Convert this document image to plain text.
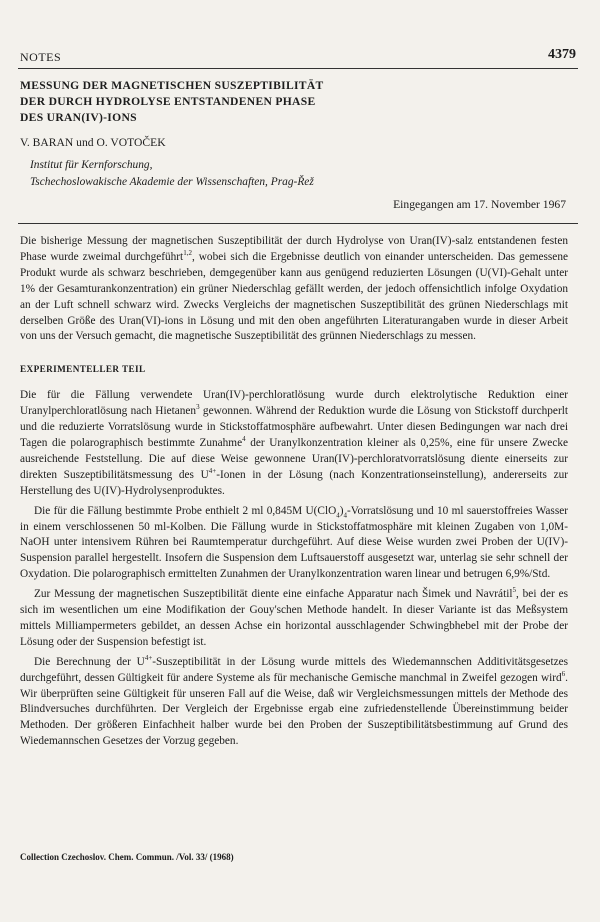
NOTES	4379
MESSUNG DER MAGNETISCHEN SUSZEPTIBILITÄT
DER DURCH HYDROLYSE ENTSTANDENEN PHASE
DES URAN(IV)-IONS
V. BARAN und O. VOTOČEK
Institut für Kernforschung,
Tschechoslowakische Akademie der Wissenschaften, Prag-Řež
Eingegangen am 17. November 1967

Die bisherige Messung der magnetischen Suszeptibilität der durch Hydrolyse von Uran(IV)-salz entstandenen festen Phase wurde zweimal durchgeführt$^{1,2}$, wobei sich die Ergebnisse deutlich von einander unterscheiden. Das gemessene Produkt wurde als schwarz beschrieben, demgegenüber kann aus genügend reduzierten Lösungen (U(VI)-Gehalt unter 1% der Gesamturankonzentration) ein grüner Niederschlag gefällt werden, der jedoch offensichtlich infolge Oxydation an der Luft schnell schwarz wird. Zwecks Vergleichs der magnetischen Suszeptibilität des grünen Niederschlags mit derselben Größe des Uran(VI)-ions in Lösung und mit den oben angeführten Literaturangaben wurde in dieser Arbeit von uns der Versuch gemacht, die magnetische Suszeptibilität des grünnen Niederschlags zu messen.

EXPERIMENTELLER TEIL

Die für die Fällung verwendete Uran(IV)-perchloratlösung wurde durch elektrolytische Reduktion einer Uranylperchloratlösung nach Hietanen$^3$ gewonnen. Während der Reduktion wurde die Lösung von Stickstoff durchperlt und die reduzierte Vorratslösung wurde in Stickstoffatmosphäre aufbewahrt. Unter diesen Bedingungen war nach drei Tagen die polarographisch bestimmte Zunahme$^4$ der Uranylkonzentration kleiner als 0,25%, eine für unsere Zwecke ausreichende Feststellung. Die auf diese Weise gewonnene Uran(IV)-perchloratvorratslösung diente einerseits zur direkten Suszeptibilitätsmessung des $U^{4+}$-Ionen in der Lösung (nach Konzentrationseinstellung), andererseits zur Herstellung des U(IV)-Hydrolysenproduktes.

Die für die Fällung bestimmte Probe enthielt 2 ml 0,845M $U(ClO_4)_4$-Vorratslösung und 10 ml sauerstoffreies Wasser in einem verschlossenen 50 ml-Kolben. Die Fällung wurde in Stickstoffatmosphäre mit kleinen Zugaben von 1,0M-NaOH unter intensivem Rühren bei Raumtemperatur durchgeführt. Auf diese Weise wurden zwei Proben der U(IV)-Suspension parallel hergestellt. Insofern die Suspension dem Luftsauerstoff ausgesetzt war, unterlag sie sehr schnell der Oxydation. Die polarographisch ermittelten Zunahmen der Uranylkonzentration waren linear und betrugen 6,9%/Std.

Zur Messung der magnetischen Suszeptibilität diente eine einfache Apparatur nach Šimek und Navrátil$^5$, bei der es sich im wesentlichen um eine Modifikation der Gouy'schen Methode handelt. In dieser Variante ist das Meßsystem mittels Milliampermeters gebildet, an dessen Achse ein horizontal ausschlagender Schwingbhebel mit der Probe der Lösung oder der Suspension befestigt ist.

Die Berechnung der $U^{4+}$-Suszeptibilität in der Lösung wurde mittels des Wiedemannschen Additivitätsgesetzes durchgeführt, dessen Gültigkeit für andere Systeme als für mechanische Gemische manchmal in Zweifel gezogen wird$^6$. Wir überprüften seine Gültigkeit für unseren Fall auf die Weise, daß wir Vergleichsmessungen mittels der Methode des Blindversuches durchführten. Der Vergleich der Ergebnisse ergab eine zufriedenstellende Übereinstimmung beider Methoden. Der größeren Einfachheit halber wurde bei den Proben der Suszeptibilitätsbestimmung auf Grund des Wiedemannschen Gesetzes der Vorzug gegeben.

Collection Czechoslov. Chem. Commun. /Vol. 33/ (1968)
